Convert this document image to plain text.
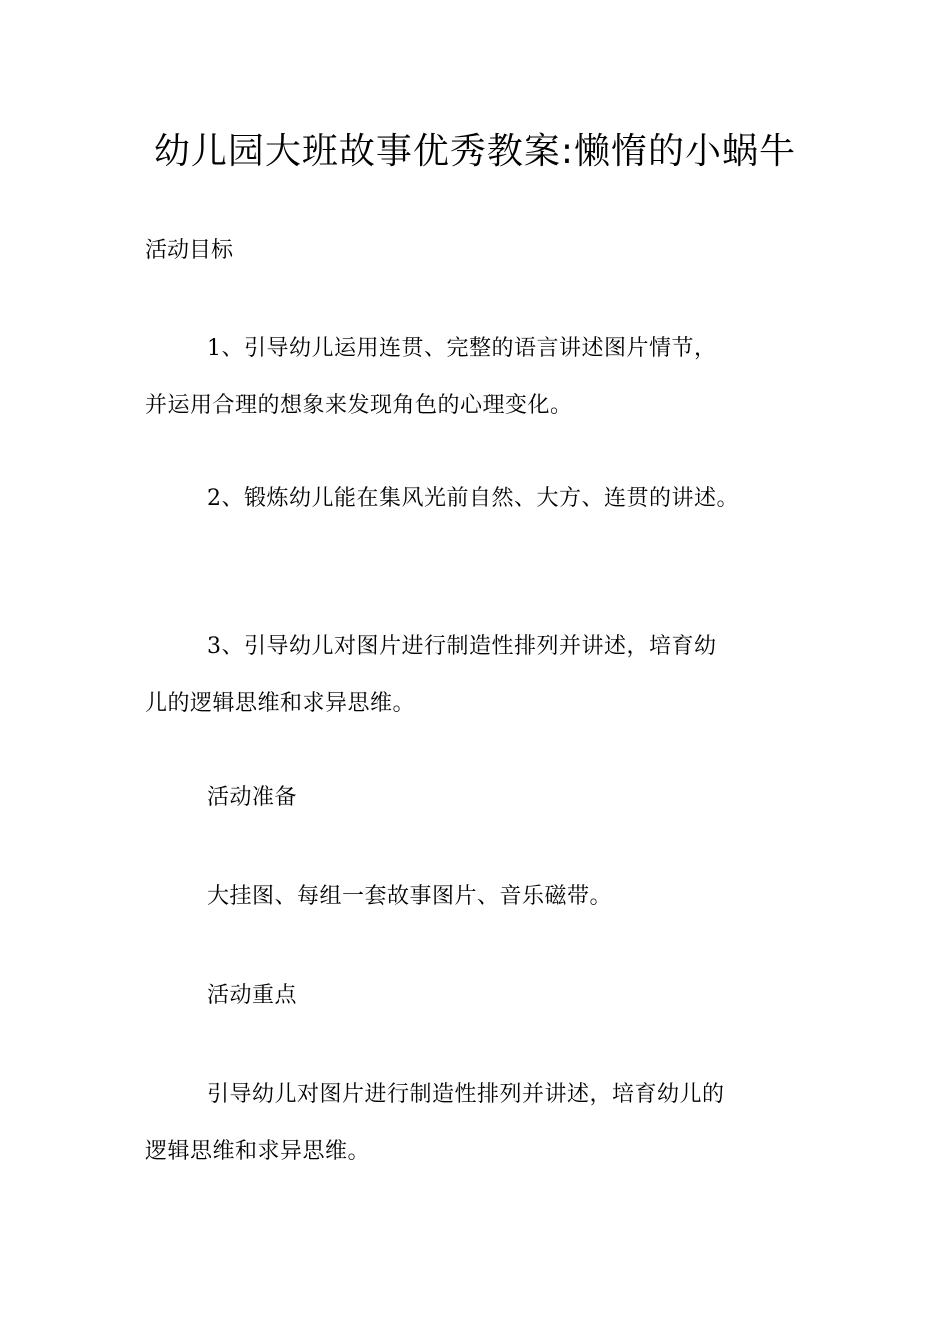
幼儿园大班故事优秀教案:懒惰的小蜗牛
活动目标
1、引导幼儿运用连贯、完整的语言讲述图片情节，
并运用合理的想象来发现角色的心理变化。
2、锻炼幼儿能在集风光前自然、大方、连贯的讲述。
3、引导幼儿对图片进行制造性排列并讲述，培育幼
儿的逻辑思维和求异思维。
活动准备
大挂图、每组一套故事图片、音乐磁带。
活动重点
引导幼儿对图片进行制造性排列并讲述，培育幼儿的
逻辑思维和求异思维。
